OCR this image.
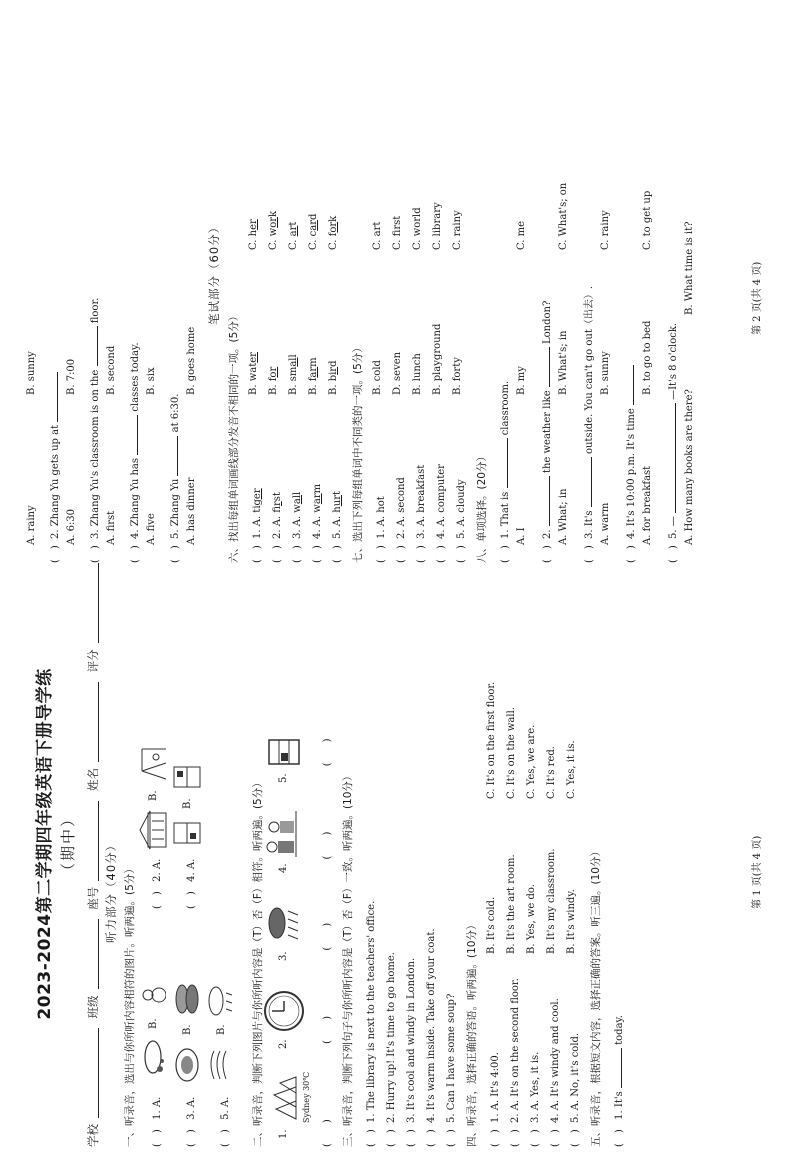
2023-2024第二学期四年级英语下册导学练 （期中）
学校 班级 座号 姓名 评分
听力部分（40分） 一、听录音，选出与你所听内容相符的图片。听两遍。(5分）	(　) 1. A.
B.
(　) 2. A.
B.
(　) 3. A.
B.
(　) 4. A.
B.
(　) 5. A.
B. 二、听录音，判断下列图片与你所听内容是（T）否（F）相符。听两遍。(5分） 1.
Sydney 30℃
2.
3.
4.
5.
(　　) (　　) (　　) (　　) (　　)
三、听录音，判断下列句子与你所听内容是（T）否（F）一致。听两遍。(10分）	(　)1. The library is next to the teachers' office.
(　)2. Hurry up! It's time to go home.
(　)3. It's cool and windy in London.
(　)4. It's warm inside. Take off your coat.
(　)5. Can I have some soup? 四、听录音，选择正确的答语。听两遍。(10分）	(　)1. A. It's 4:00.
B. It's cold.
C. It's on the first floor.
(　)2. A. It's on the second floor.
B. It's the art room.
C. It's on the wall.
(　)3. A. Yes, it is.
B. Yes, we do.
C. Yes, we are.
(　)4. A. It's windy and cool.
B. It's my classroom.
C. It's red.
(　)5. A. No, it's cold.
B. It's windy.
C. Yes, it is.
五、听录音，根据短文内容，选择正确的答案。听三遍。(10分）	(　) 1. It's  today.
第 1 页(共 4 页)
A. rainy
B. sunny
(　)2. Zhang Yu gets up at A. 6:30
B. 7:00
(　)3. Zhang Yu's classroom is on the  floor.
A. first
B. second
(　)4. Zhang Yu has  classes today.
A. five
B. six
(　)5. Zhang Yu  at 6:30.
A. has dinner
B. goes home
笔试部分（60分）
六、找出每组单词画线部分发音不相同的一项。(5分）	(　)1. A. tiger
B. water
C. her
(　)2. A. first
B. for
C. work
(　)3. A. wall
B. small
C. art
(　)4. A. warm
B. farm
C. card
(　)5. A. hurt
B. bird
C. fork
七、选出下列每组单词中不同类的一项。(5分）	(　)1. A. hot
B. cold
C. art
(　)2. A. second
D. seven
C. first
(　)3. A. breakfast
B. lunch
C. world
(　)4. A. computer
B. playground
C. library
(　)5. A. cloudy
B. forty
C. rainy
八、单项选择。(20分）	(　)1. That is  classroom.
A. I
B. my
C. me
(　)2.  the weather like  London?
A. What; in
B. What's; in
C. What's; on
(　)3. It's  outside. You can't go out（出去）.
A. warm
B. sunny
C. rainy
(　)4. It's 10:00 p.m. It's time A. for breakfast
B. to go to bed
C. to get up
(　)5. —  —It's 8 o'clock.
A. How many books are there?
B. What time is it?	第 2 页(共 4 页)
